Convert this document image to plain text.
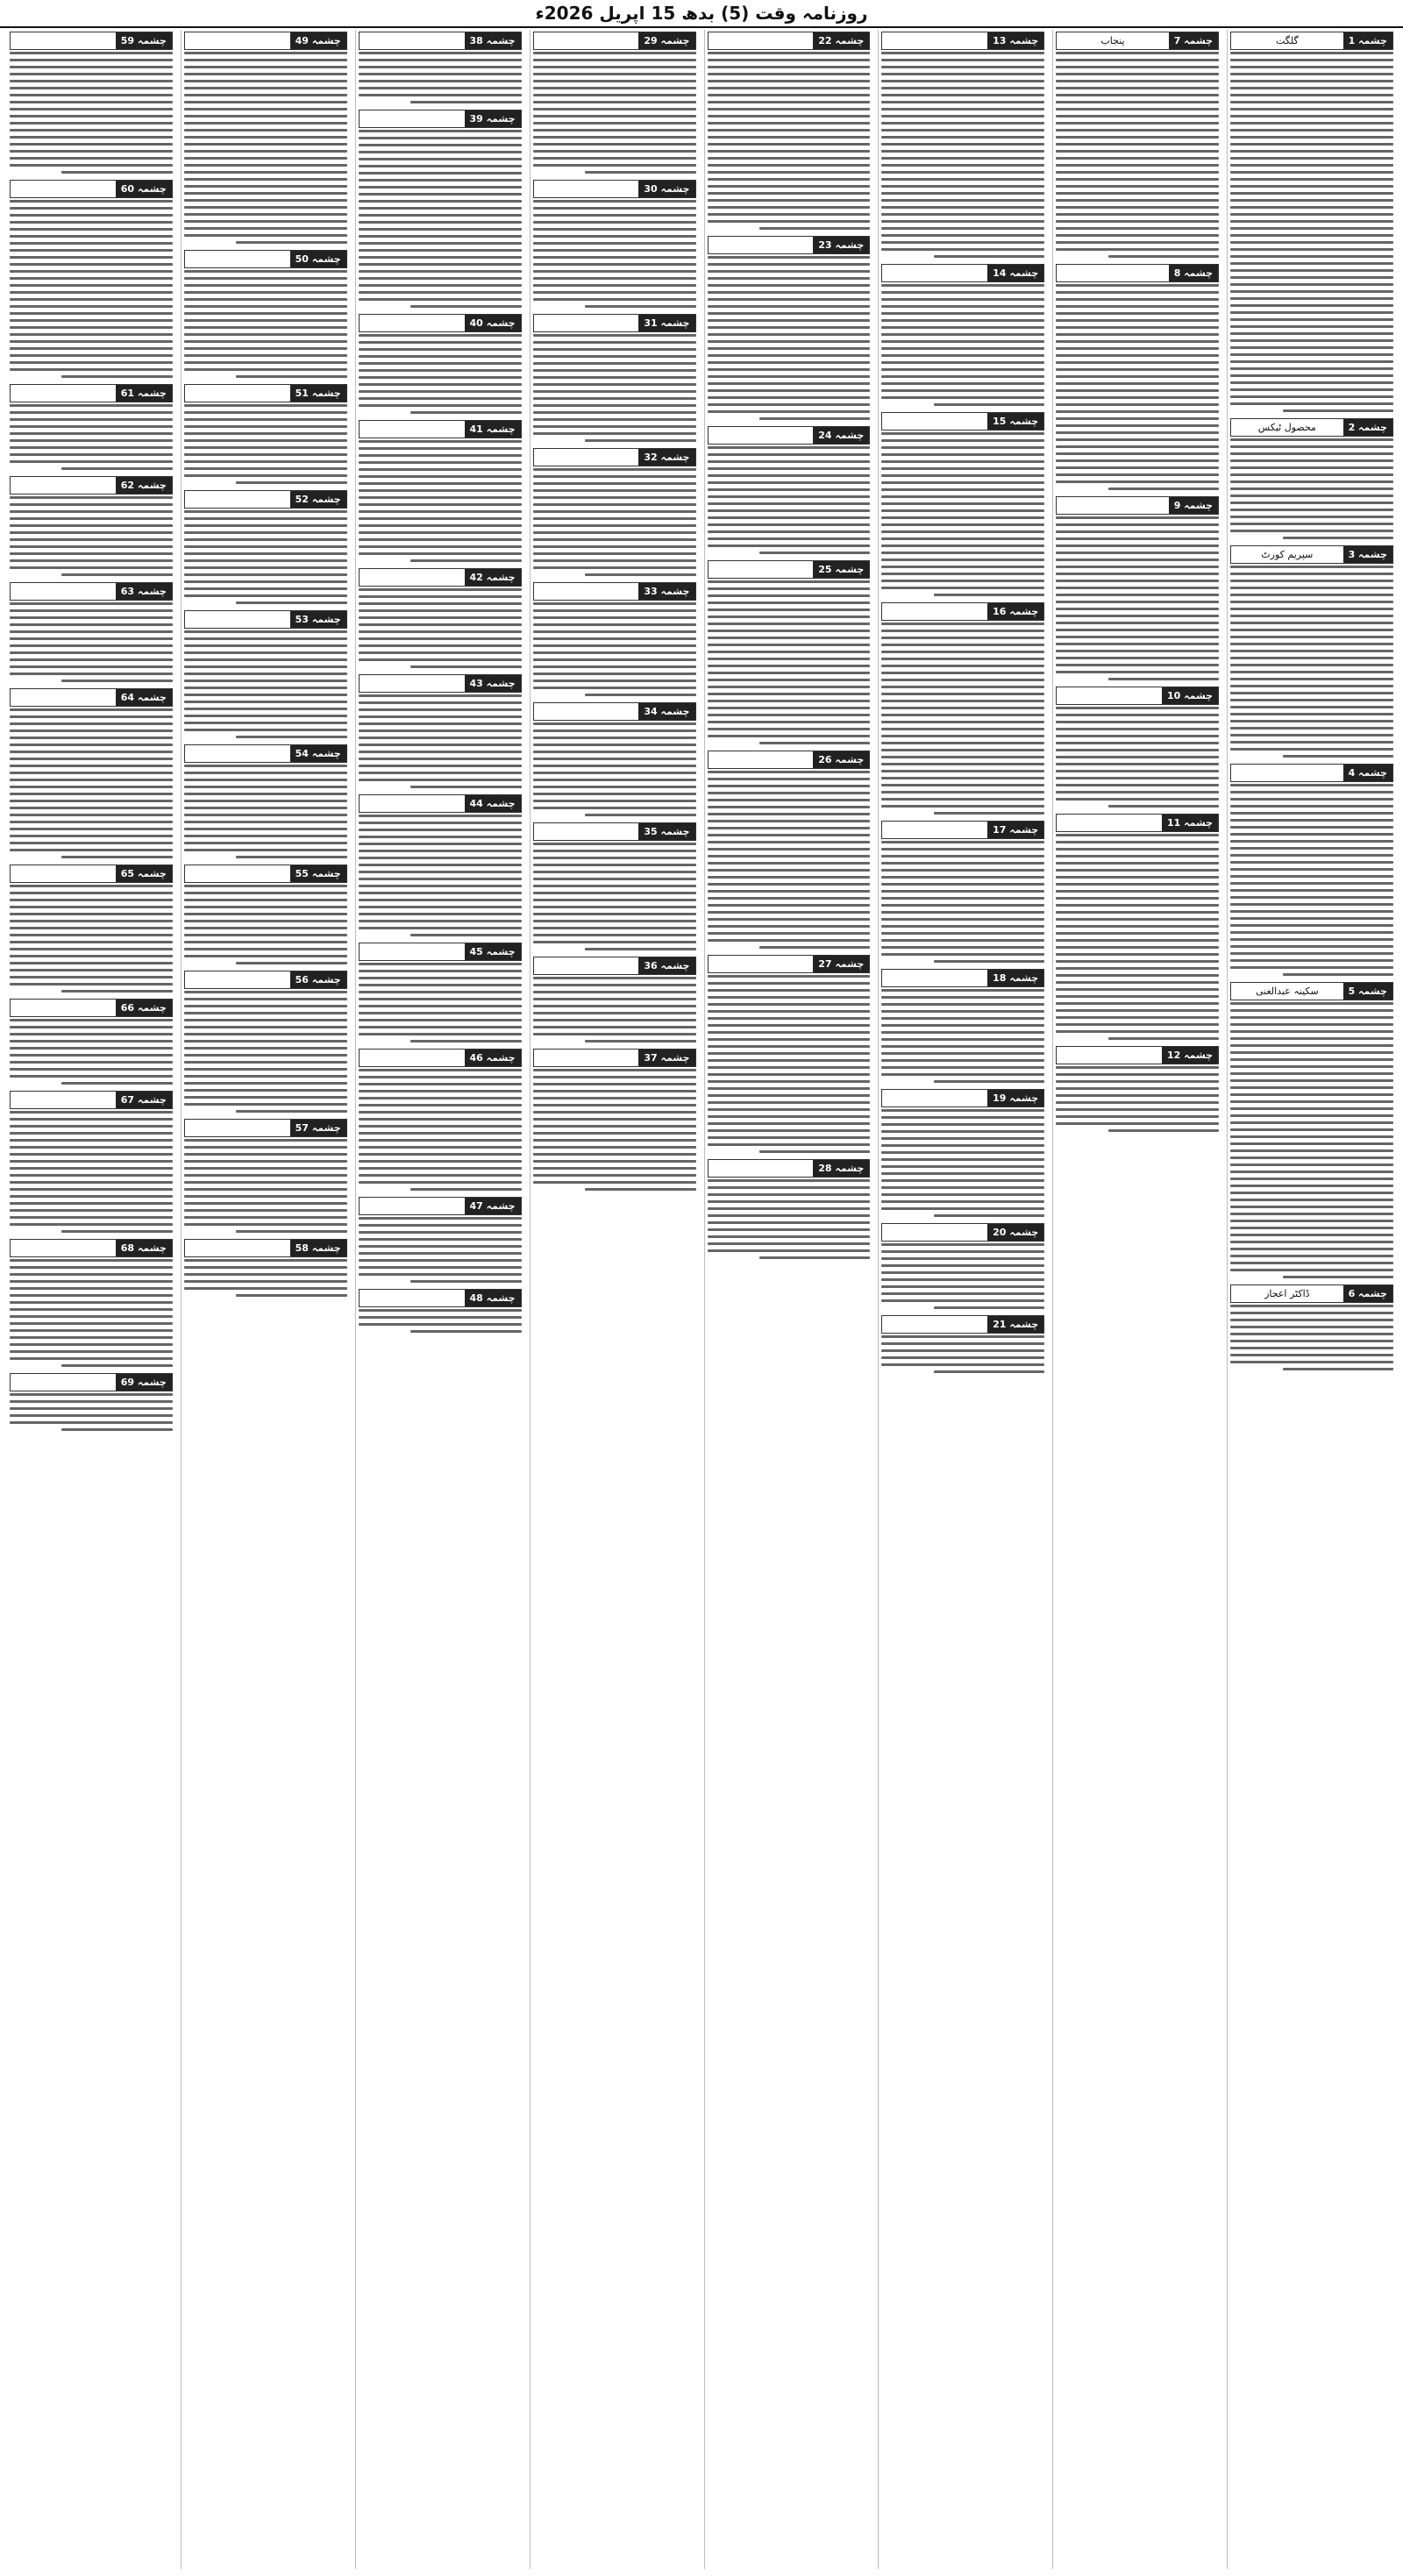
روزنامہ وقت (5) بدھ 15 اپریل 2026ء
چشمہ 1
گلگت
چشمہ 2
محصول ٹیکس
چشمہ 3
سپریم کورٹ
چشمہ 4
چشمہ 5
سکینہ عبدالغنی
چشمہ 6
ڈاکٹر اعجاز
چشمہ 7
پنجاب
چشمہ 8
چشمہ 9
چشمہ 10
چشمہ 11
چشمہ 12
چشمہ 13
چشمہ 14
چشمہ 15
چشمہ 16
چشمہ 17
چشمہ 18
چشمہ 19
چشمہ 20
چشمہ 21
چشمہ 22
چشمہ 23
چشمہ 24
چشمہ 25
چشمہ 26
چشمہ 27
چشمہ 28
چشمہ 29
چشمہ 30
چشمہ 31
چشمہ 32
چشمہ 33
چشمہ 34
چشمہ 35
چشمہ 36
چشمہ 37
چشمہ 38
چشمہ 39
چشمہ 40
چشمہ 41
چشمہ 42
چشمہ 43
چشمہ 44
چشمہ 45
چشمہ 46
چشمہ 47
چشمہ 48
چشمہ 49
چشمہ 50
چشمہ 51
چشمہ 52
چشمہ 53
چشمہ 54
چشمہ 55
چشمہ 56
چشمہ 57
چشمہ 58
چشمہ 59
چشمہ 60
چشمہ 61
چشمہ 62
چشمہ 63
چشمہ 64
چشمہ 65
چشمہ 66
چشمہ 67
چشمہ 68
چشمہ 69
